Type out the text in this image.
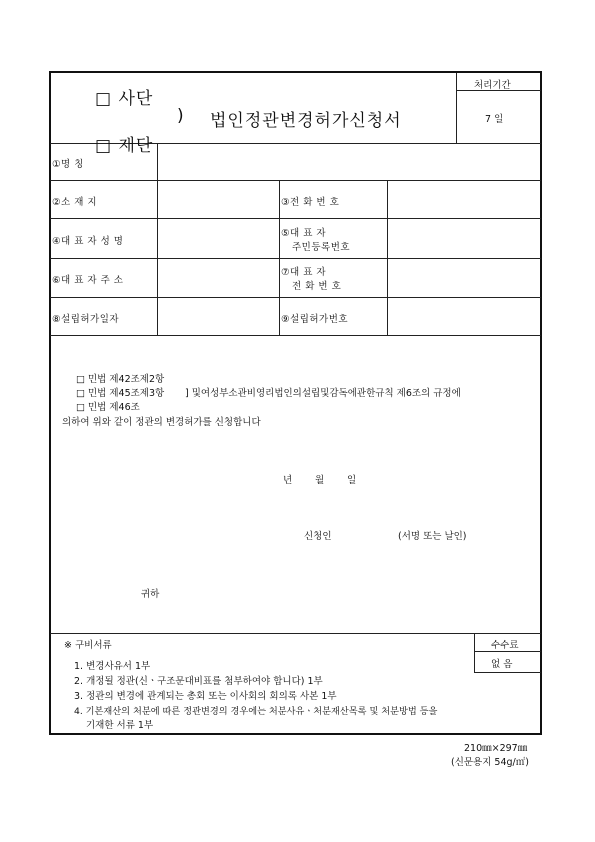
□ 사단
□ 재단
) 법인정관변경허가신청서
처리기간
7 일
①명 칭
②소 재 지	③전 화 번 호
④대 표 자 성 명
⑤대 표 자
주민등록번호
⑥대 표 자 주 소
⑦대 표 자
전 화 번 호
⑧설립허가일자	⑨설립허가번호
□ 민법 제42조제2항
□ 민법 제45조제3항 ] 및여성부소관비영리법인의설립및감독에관한규칙 제6조의 규정에
□ 민법 제46조
의하여 위와 같이 정관의 변경허가를 신청합니다
년 월 일
신청인	(서명 또는 날인)
귀하
※ 구비서류
1. 변경사유서 1부
2. 개정될 정관(신ㆍ구조문대비표를 첨부하여야 합니다) 1부
3. 정관의 변경에 관계되는 총회 또는 이사회의 회의록 사본 1부
4. 기본재산의 처분에 따른 정관변경의 경우에는 처분사유ㆍ처분재산목록 및 처분방법 등을
기재한 서류 1부
수수료
없 음
210㎜×297㎜
(신문용지 54g/㎡)
